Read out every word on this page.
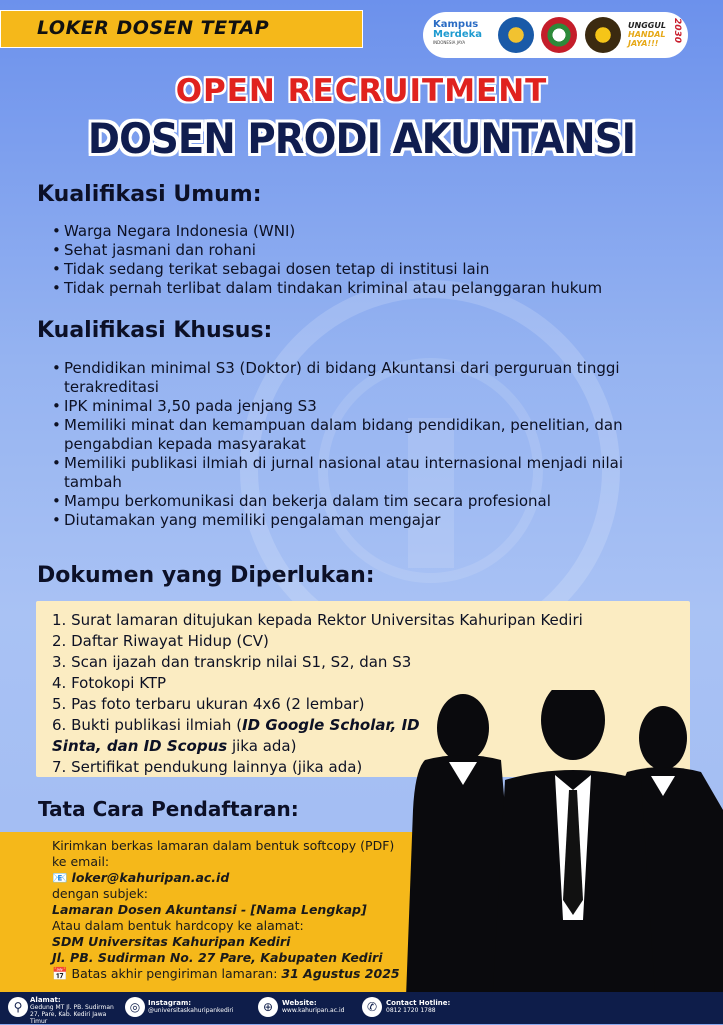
LOKER DOSEN TETAP	Kampus
Merdeka
INDONESIA JAYA
UNGGUL
HANDAL
JAYA!!!
2030
OPEN RECRUITMENT
DOSEN PRODI AKUNTANSI
Kualifikasi Umum:
• Warga Negara Indonesia (WNI)
• Sehat jasmani dan rohani
• Tidak sedang terikat sebagai dosen tetap di institusi lain
• Tidak pernah terlibat dalam tindakan kriminal atau pelanggaran hukum
Kualifikasi Khusus:
• Pendidikan minimal S3 (Doktor) di bidang Akuntansi dari perguruan tinggi terakreditasi
• IPK minimal 3,50 pada jenjang S3
• Memiliki minat dan kemampuan dalam bidang pendidikan, penelitian, dan pengabdian kepada masyarakat
• Memiliki publikasi ilmiah di jurnal nasional atau internasional menjadi nilai tambah
• Mampu berkomunikasi dan bekerja dalam tim secara profesional
• Diutamakan yang memiliki pengalaman mengajar
Dokumen yang Diperlukan:
1. Surat lamaran ditujukan kepada Rektor Universitas Kahuripan Kediri
2. Daftar Riwayat Hidup (CV)
3. Scan ijazah dan transkrip nilai S1, S2, dan S3
4. Fotokopi KTP
5. Pas foto terbaru ukuran 4x6 (2 lembar)
6. Bukti publikasi ilmiah (ID Google Scholar, ID Sinta, dan ID Scopus jika ada)
7. Sertifikat pendukung lainnya (jika ada)
Tata Cara Pendaftaran:
Kirimkan berkas lamaran dalam bentuk softcopy (PDF)
ke email:
📧 loker@kahuripan.ac.id
dengan subjek:
Lamaran Dosen Akuntansi - [Nama Lengkap]
Atau dalam bentuk hardcopy ke alamat:
SDM Universitas Kahuripan Kediri
Jl. PB. Sudirman No. 27 Pare, Kabupaten Kediri
📅 Batas akhir pengiriman lamaran: 31 Agustus 2025
⚲	Alamat:
Gedung MT Jl. PB. Sudirman 27, Pare, Kab. Kediri Jawa Timur
◎	Instagram:
@universitaskahuripankediri	⊕	Website:
www.kahuripan.ac.id	✆	Contact Hotline:
0812 1720 1788
